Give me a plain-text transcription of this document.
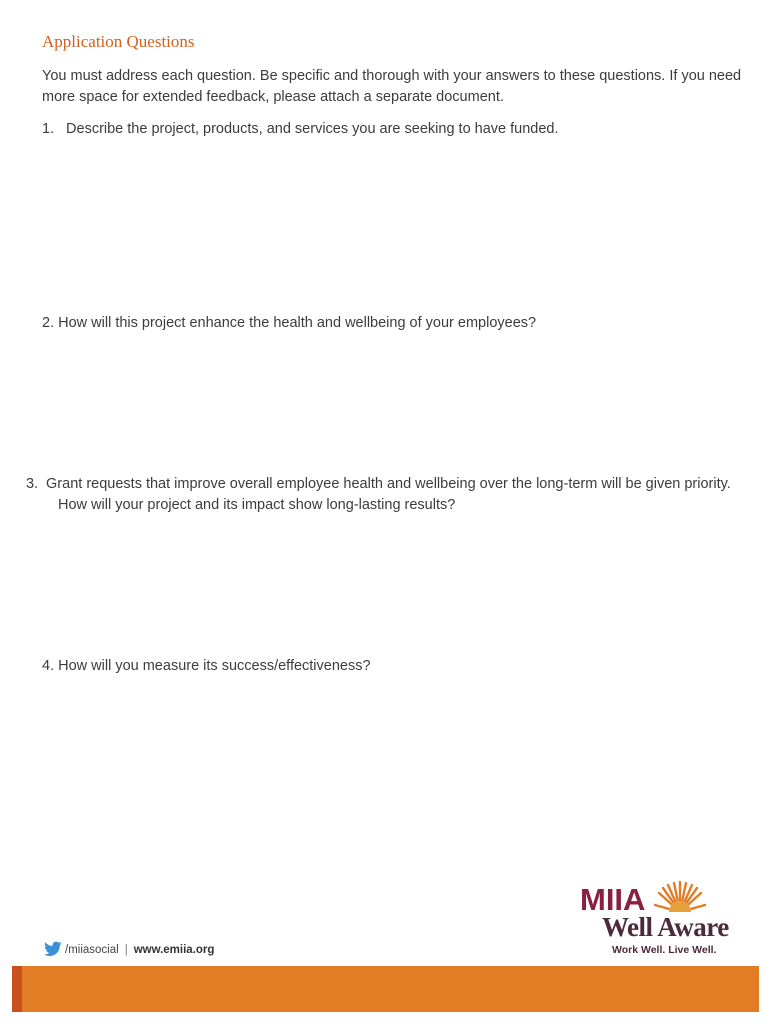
Application Questions
You must address each question. Be specific and thorough with your answers to these questions. If you need more space for extended feedback, please attach a separate document.
1. Describe the project, products, and services you are seeking to have funded.
2. How will this project enhance the health and wellbeing of your employees?
3. Grant requests that improve overall employee health and wellbeing over the long-term will be given priority. How will your project and its impact show long-lasting results?
4. How will you measure its success/effectiveness?
/miiasocial | www.emiia.org
MIIA
Well Aware
Work Well. Live Well.
